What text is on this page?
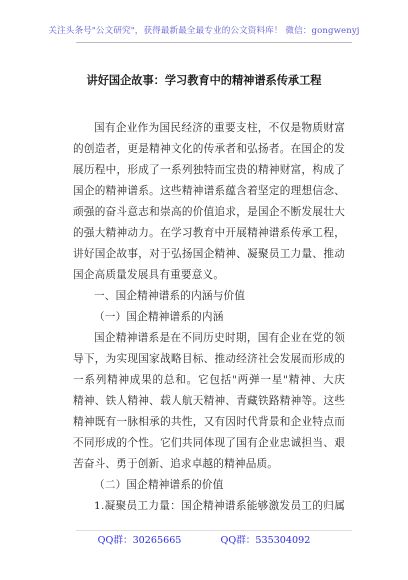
关注头条号"公文研究"，获得最新最全最专业的公文资料库！ 微信：gongwenyj
讲好国企故事：学习教育中的精神谱系传承工程
国有企业作为国民经济的重要支柱，不仅是物质财富
的创造者，更是精神文化的传承者和弘扬者。在国企的发
展历程中，形成了一系列独特而宝贵的精神财富，构成了
国企的精神谱系。这些精神谱系蕴含着坚定的理想信念、
顽强的奋斗意志和崇高的价值追求，是国企不断发展壮大
的强大精神动力。在学习教育中开展精神谱系传承工程，
讲好国企故事，对于弘扬国企精神、凝聚员工力量、推动
国企高质量发展具有重要意义。
一、国企精神谱系的内涵与价值
（一）国企精神谱系的内涵
国企精神谱系是在不同历史时期，国有企业在党的领
导下，为实现国家战略目标、推动经济社会发展而形成的
一系列精神成果的总和。它包括"两弹一星"精神、大庆
精神、铁人精神、载人航天精神、青藏铁路精神等。这些
精神既有一脉相承的共性，又有因时代背景和企业特点而
不同形成的个性。它们共同体现了国有企业忠诚担当、艰
苦奋斗、勇于创新、追求卓越的精神品质。
（二）国企精神谱系的价值
1.凝聚员工力量：国企精神谱系能够激发员工的归属
QQ群：30265665	QQ群：535304092
